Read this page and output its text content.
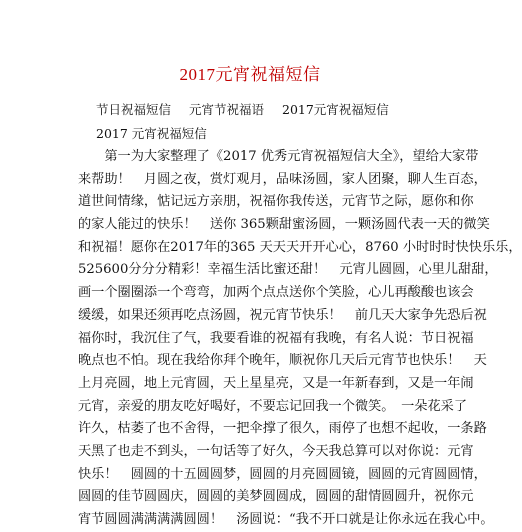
2017元宵祝福短信
节日祝福短信 元宵节祝福语 2017元宵祝福短信
2017 元宵祝福短信
　　第一为大家整理了《2017 优秀元宵祝福短信大全》，望给大家带
来帮助！　月圆之夜，赏灯观月，品味汤圆，家人团聚，聊人生百态，
道世间情缘，惦记远方亲朋，祝福你我传送，元宵节之际，愿你和你
的家人能过的快乐！　送你 365颗甜蜜汤圆，一颗汤圆代表一天的微笑
和祝福！愿你在2017年的365 天天天开开心心，8760 小时时时快快乐乐，
525600分分分精彩！幸福生活比蜜还甜！　元宵儿圆圆，心里儿甜甜，
画一个圈圈添一个弯弯，加两个点点送你个笑脸，心儿再酸酸也该会
缓缓，如果还须再吃点汤圆，祝元宵节快乐！　前几天大家争先恐后祝
福你时，我沉住了气，我要看谁的祝福有我晚，有名人说：节日祝福
晚点也不怕。现在我给你拜个晚年，顺祝你几天后元宵节也快乐！　天
上月亮圆，地上元宵圆，天上星星亮，又是一年新春到，又是一年闹
元宵，亲爱的朋友吃好喝好，不要忘记回我一个微笑。　一朵花采了
许久，枯萎了也不舍得，一把伞撑了很久，雨停了也想不起收，一条路
天黑了也走不到头，一句话等了好久，今天我总算可以对你说：元宵
快乐！　圆圆的十五圆圆梦，圆圆的月亮圆圆镜，圆圆的元宵圆圆情，
圆圆的佳节圆圆庆，圆圆的美梦圆圆成，圆圆的甜情圆圆升，祝你元
宵节圆圆满满满满圆圆！　汤圆说：“我不开口就是让你永远在我心中。
